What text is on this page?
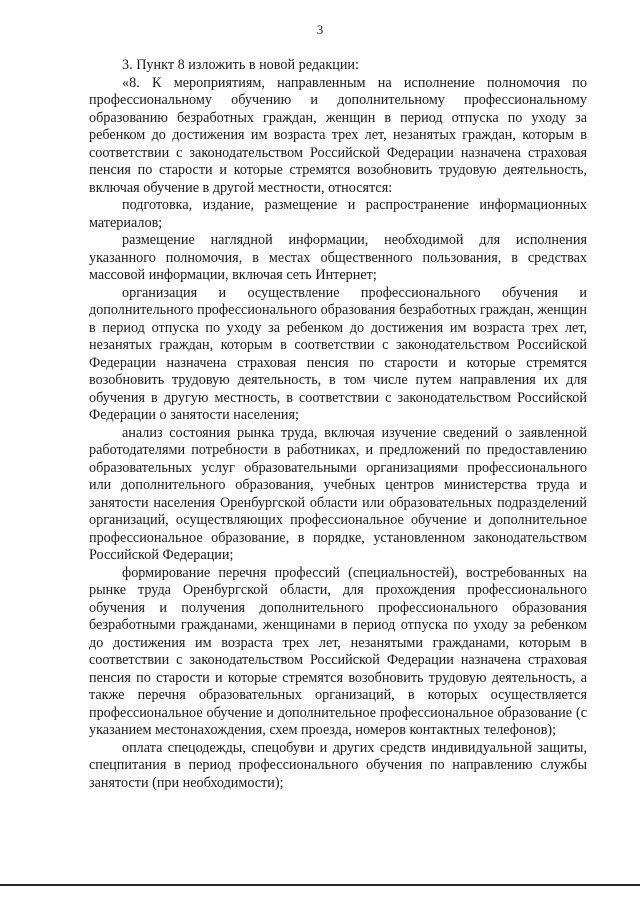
3

3. Пункт 8 изложить в новой редакции:

«8. К мероприятиям, направленным на исполнение полномочия по профессиональному обучению и дополнительному профессиональному образованию безработных граждан, женщин в период отпуска по уходу за ребенком до достижения им возраста трех лет, незанятых граждан, которым в соответствии с законодательством Российской Федерации назначена страховая пенсия по старости и которые стремятся возобновить трудовую деятельность, включая обучение в другой местности, относятся:

подготовка, издание, размещение и распространение информационных материалов;

размещение наглядной информации, необходимой для исполнения указанного полномочия, в местах общественного пользования, в средствах массовой информации, включая сеть Интернет;

организация и осуществление профессионального обучения и дополнительного профессионального образования безработных граждан, женщин в период отпуска по уходу за ребенком до достижения им возраста трех лет, незанятых граждан, которым в соответствии с законодательством Российской Федерации назначена страховая пенсия по старости и которые стремятся возобновить трудовую деятельность, в том числе путем направления их для обучения в другую местность, в соответствии с законодательством Российской Федерации о занятости населения;

анализ состояния рынка труда, включая изучение сведений о заявленной работодателями потребности в работниках, и предложений по предоставлению образовательных услуг образовательными организациями профессионального или дополнительного образования, учебных центров министерства труда и занятости населения Оренбургской области или образовательных подразделений организаций, осуществляющих профессиональное обучение и дополнительное профессиональное образование, в порядке, установленном законодательством Российской Федерации;

формирование перечня профессий (специальностей), востребованных на рынке труда Оренбургской области, для прохождения профессионального обучения и получения дополнительного профессионального образования безработными гражданами, женщинами в период отпуска по уходу за ребенком до достижения им возраста трех лет, незанятыми гражданами, которым в соответствии с законодательством Российской Федерации назначена страховая пенсия по старости и которые стремятся возобновить трудовую деятельность, а также перечня образовательных организаций, в которых осуществляется профессиональное обучение и дополнительное профессиональное образование (с указанием местонахождения, схем проезда, номеров контактных телефонов);

оплата спецодежды, спецобуви и других средств индивидуальной защиты, спецпитания в период профессионального обучения по направлению службы занятости (при необходимости);
